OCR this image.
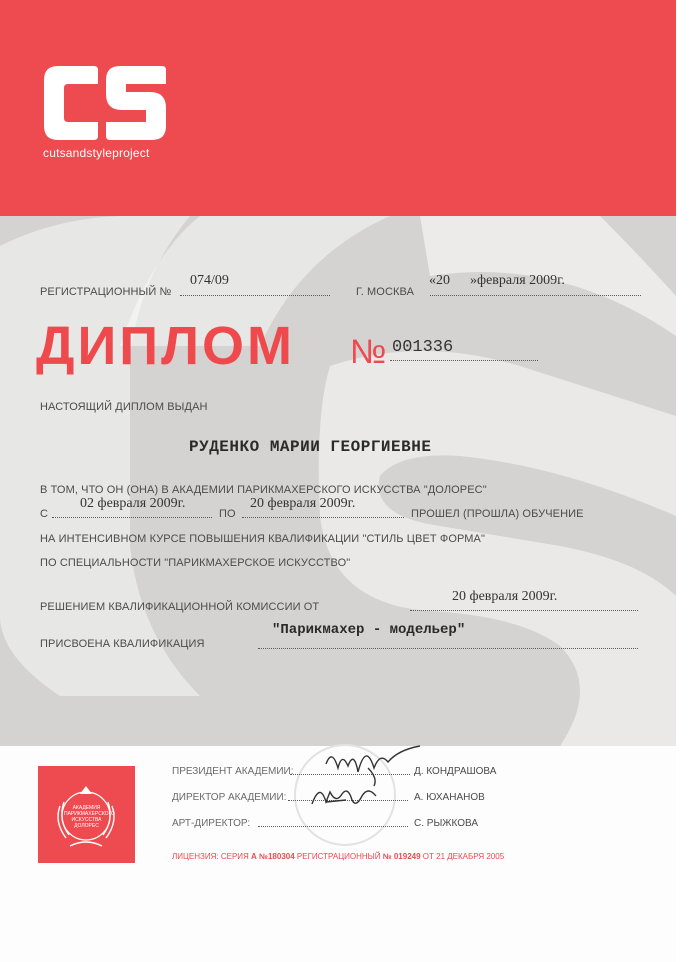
cutsandstyleproject
РЕГИСТРАЦИОННЫЙ №
074/09
Г. МОСКВА
«20 »февраля 2009г.
ДИПЛОМ № 001336
НАСТОЯЩИЙ ДИПЛОМ ВЫДАН
РУДЕНКО МАРИИ ГЕОРГИЕВНЕ
В ТОМ, ЧТО ОН (ОНА) В АКАДЕМИИ ПАРИКМАХЕРСКОГО ИСКУССТВА "ДОЛОРЕС"
С
02 февраля 2009г.
ПО
20 февраля 2009г.
ПРОШЕЛ (ПРОШЛА) ОБУЧЕНИЕ
НА ИНТЕНСИВНОМ КУРСЕ ПОВЫШЕНИЯ КВАЛИФИКАЦИИ "СТИЛЬ ЦВЕТ ФОРМА"
ПО СПЕЦИАЛЬНОСТИ "ПАРИКМАХЕРСКОЕ ИСКУССТВО"
РЕШЕНИЕМ КВАЛИФИКАЦИОННОЙ КОМИССИИ ОТ
20 февраля 2009г.
ПРИСВОЕНА КВАЛИФИКАЦИЯ
"Парикмахер - модельер"
АКАДЕМИЯ ПАРИКМАХЕРСКОГО ИСКУССТВА ДОЛОРЕС
ПРЕЗИДЕНТ АКАДЕМИИ:	Д. КОНДРАШОВА
ДИРЕКТОР АКАДЕМИИ:	А. ЮХАНАНОВ
АРТ-ДИРЕКТОР:	С. РЫЖКОВА
ЛИЦЕНЗИЯ: СЕРИЯ А №180304 РЕГИСТРАЦИОННЫЙ № 019249 ОТ 21 ДЕКАБРЯ 2005
